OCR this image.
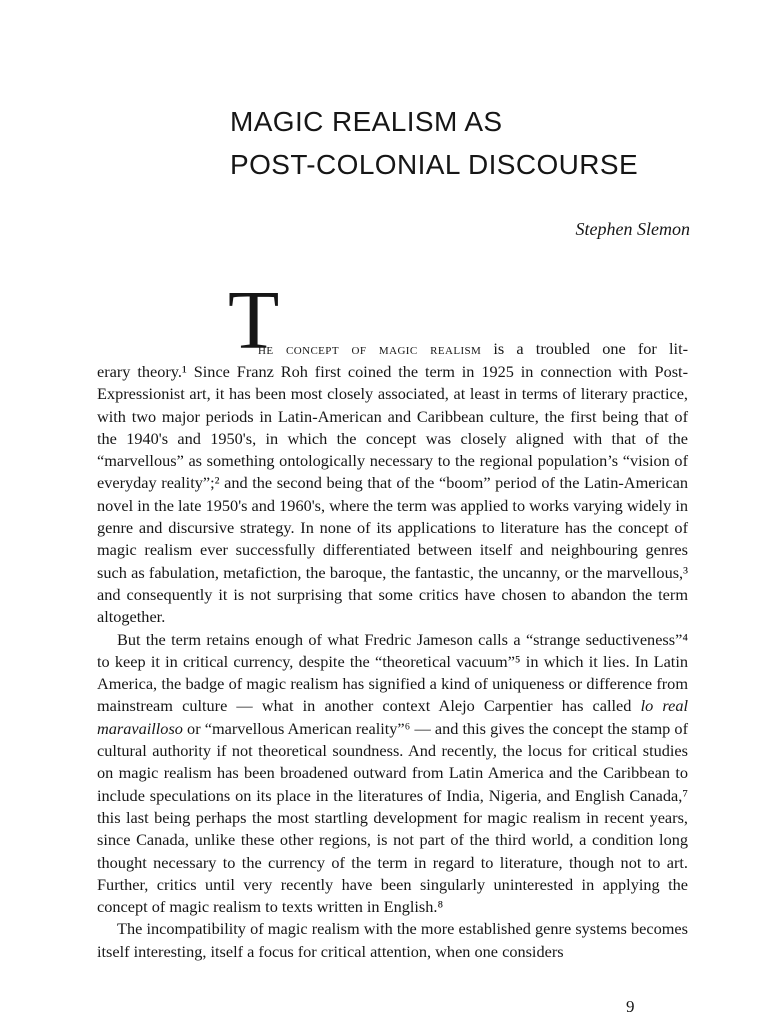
MAGIC REALISM AS
POST-COLONIAL DISCOURSE
Stephen Slemon
T
he concept of magic realism is a troubled one for lit-

erary theory.¹ Since Franz Roh first coined the term in 1925 in connection with Post-Expressionist art, it has been most closely associated, at least in terms of literary practice, with two major periods in Latin-American and Caribbean culture, the first being that of the 1940's and 1950's, in which the concept was closely aligned with that of the “marvellous” as something ontologically necessary to the regional population’s “vision of everyday reality”;² and the second being that of the “boom” period of the Latin-American novel in the late 1950's and 1960's, where the term was applied to works varying widely in genre and discursive strategy. In none of its applications to literature has the concept of magic realism ever successfully differentiated between itself and neighbouring genres such as fabulation, metafiction, the baroque, the fantastic, the uncanny, or the marvellous,³ and consequently it is not surprising that some critics have chosen to abandon the term altogether.

But the term retains enough of what Fredric Jameson calls a “strange seductiveness”⁴ to keep it in critical currency, despite the “theoretical vacuum”⁵ in which it lies. In Latin America, the badge of magic realism has signified a kind of uniqueness or difference from mainstream culture — what in another context Alejo Carpentier has called lo real maravailloso or “marvellous American reality”⁶ — and this gives the concept the stamp of cultural authority if not theoretical soundness. And recently, the locus for critical studies on magic realism has been broadened outward from Latin America and the Caribbean to include speculations on its place in the literatures of India, Nigeria, and English Canada,⁷ this last being perhaps the most startling development for magic realism in recent years, since Canada, unlike these other regions, is not part of the third world, a condition long thought necessary to the currency of the term in regard to literature, though not to art. Further, critics until very recently have been singularly uninterested in applying the concept of magic realism to texts written in English.⁸

The incompatibility of magic realism with the more established genre systems becomes itself interesting, itself a focus for critical attention, when one considers

9
